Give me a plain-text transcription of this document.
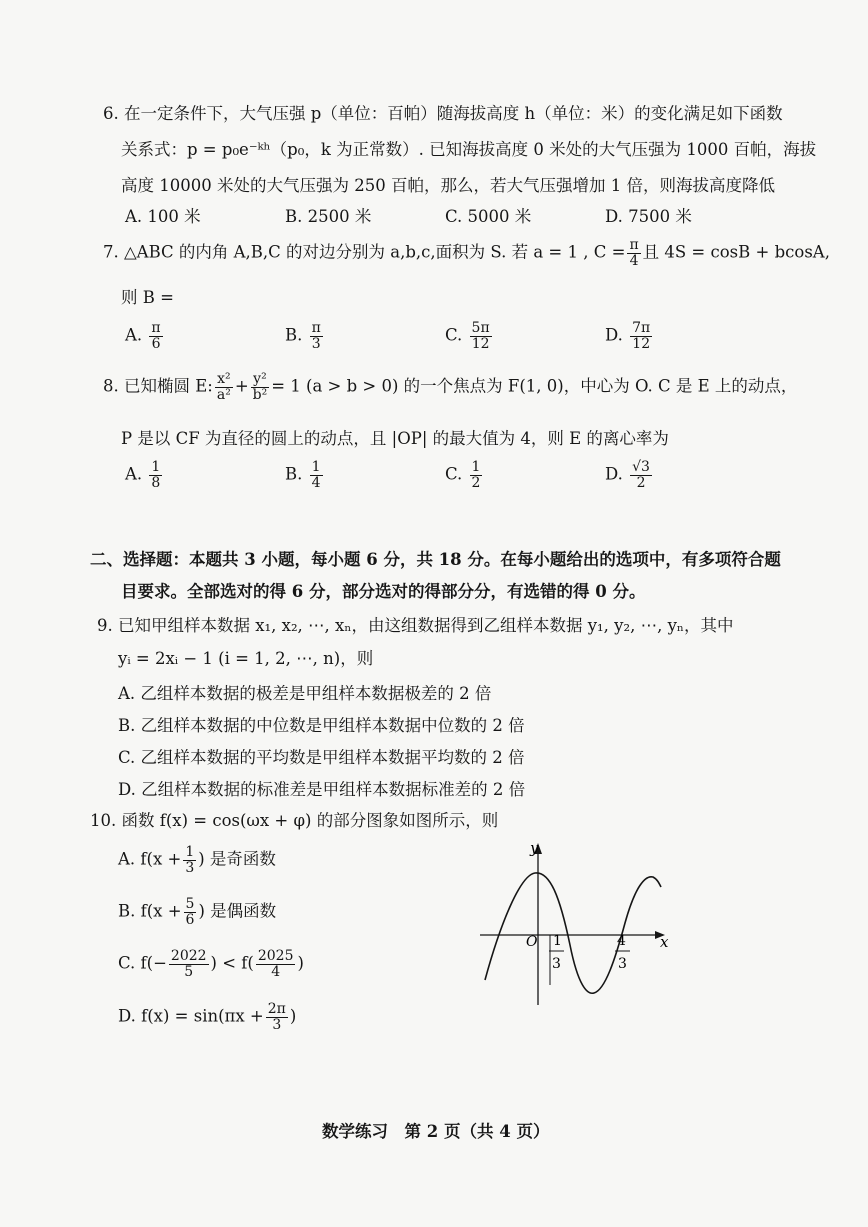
6. 在一定条件下，大气压强 p（单位：百帕）随海拔高度 h（单位：米）的变化满足如下函数
关系式：p = p₀e⁻ᵏʰ（p₀，k 为正常数）. 已知海拔高度 0 米处的大气压强为 1000 百帕，海拔
高度 10000 米处的大气压强为 250 百帕，那么，若大气压强增加 1 倍，则海拔高度降低
A. 100 米	B. 2500 米	C. 5000 米	D. 7500 米
7. △ABC 的内角 A,B,C 的对边分别为 a,b,c,面积为 S. 若 a = 1 , $C = \frac{\pi}{4}$ 且 4S = cosB + bcosA,
则 B =
A. $\frac{\pi}{6}$	B. $\frac{\pi}{3}$	C. $\frac{5\pi}{12}$	D. $\frac{7\pi}{12}$
8. 已知椭圆 E: $\frac{\text{x²}}{\text{a²}} + \frac{\text{y²}}{\text{b²}} = 1$ (a > b > 0) 的一个焦点为 F(1, 0)，中心为 O. C 是 E 上的动点，
P 是以 CF 为直径的圆上的动点，且 |OP| 的最大值为 4，则 E 的离心率为
A. $\frac{1}{8}$	B. $\frac{1}{4}$	C. $\frac{1}{2}$	D. $\frac{√3}{2}$
二、选择题：本题共 3 小题，每小题 6 分，共 18 分。在每小题给出的选项中，有多项符合题
目要求。全部选对的得 6 分，部分选对的得部分分，有选错的得 0 分。
9. 已知甲组样本数据 x₁, x₂, ⋯, xₙ，由这组数据得到乙组样本数据 y₁, y₂, ⋯, yₙ，其中
yᵢ = 2xᵢ − 1 (i = 1, 2, ⋯, n)，则
A. 乙组样本数据的极差是甲组样本数据极差的 2 倍
B. 乙组样本数据的中位数是甲组样本数据中位数的 2 倍
C. 乙组样本数据的平均数是甲组样本数据平均数的 2 倍
D. 乙组样本数据的标准差是甲组样本数据标准差的 2 倍
10. 函数 f(x) = cos(ωx + φ) 的部分图象如图所示，则
A. $f(x + \frac{1}{3}$ ) 是奇函数
B. $f(x + \frac{5}{6}$ ) 是偶函数
C. $f(- \frac{2022}{5}$ ) < $f( \frac{2025}{4}$ )
D. $f(x) = \sin(\pi x + \frac{2\pi}{3}$ )
y
x
O 1
3
4
3
数学练习　第 2 页（共 4 页）
